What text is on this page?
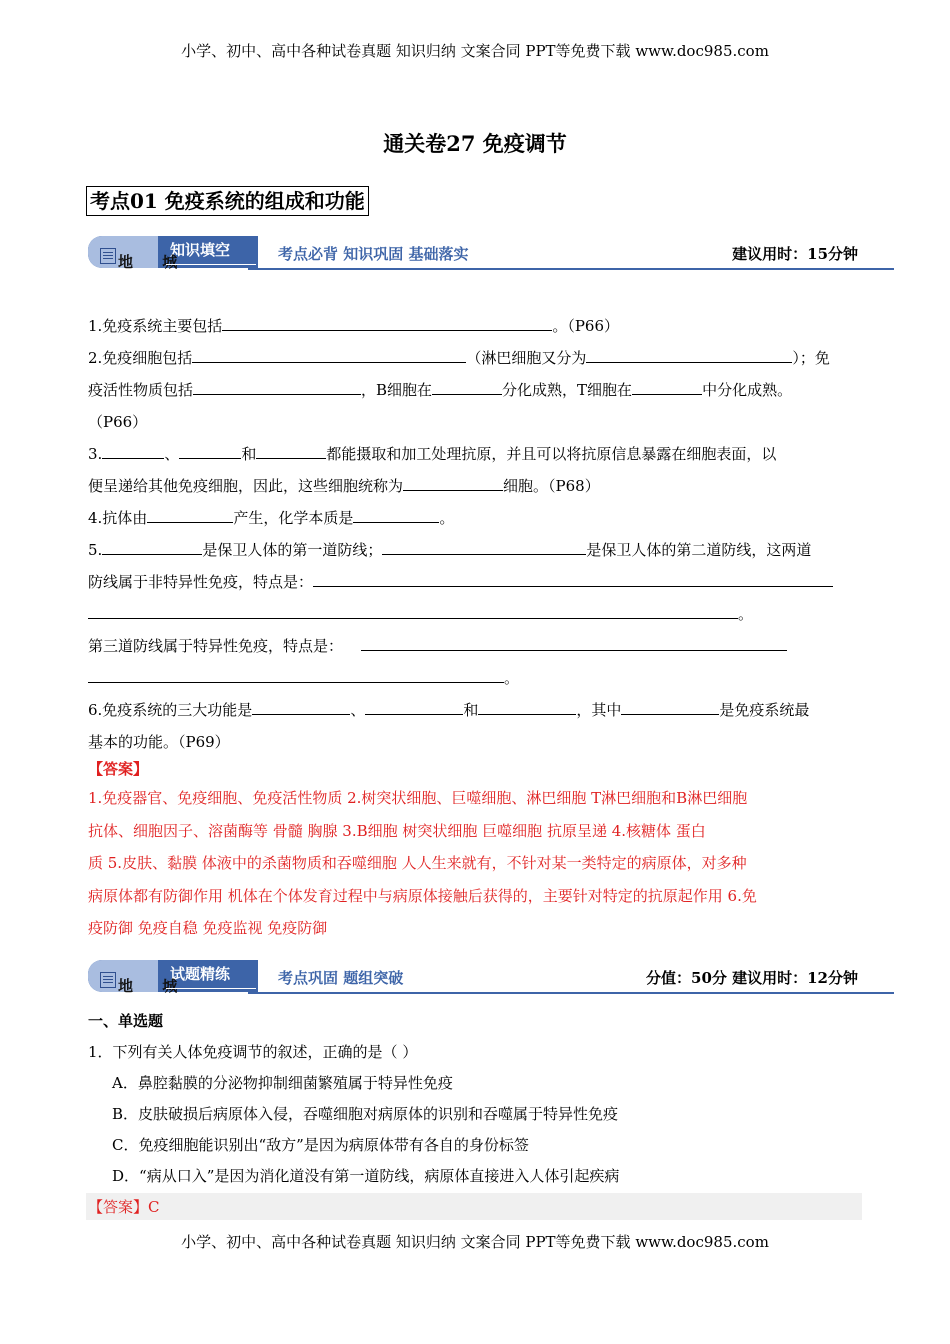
小学、初中、高中各种试卷真题 知识归纳 文案合同 PPT等免费下载 www.doc985.com
通关卷27 免疫调节
考点01 免疫系统的组成和功能
知识填空
地 城	考点必背 知识巩固 基础落实	建议用时：15分钟
1.免疫系统主要包括	。（P66）
2.免疫细胞包括	（淋巴细胞又分为	）；免
疫活性物质包括	，B细胞在	分化成熟，T细胞在	中分化成熟。
（P66）
3.	、	和	都能摄取和加工处理抗原，并且可以将抗原信息暴露在细胞表面，以
便呈递给其他免疫细胞，因此，这些细胞统称为	细胞。（P68）
4.抗体由	产生，化学本质是	。
5.	是保卫人体的第一道防线；	是保卫人体的第二道防线，这两道
防线属于非特异性免疫，特点是：
。
第三道防线属于特异性免疫，特点是：
。
6.免疫系统的三大功能是	、	和	，其中	是免疫系统最
基本的功能。（P69）
【答案】
1.免疫器官、免疫细胞、免疫活性物质 2.树突状细胞、巨噬细胞、淋巴细胞 T淋巴细胞和B淋巴细胞
抗体、细胞因子、溶菌酶等 骨髓 胸腺 3.B细胞 树突状细胞 巨噬细胞 抗原呈递 4.核糖体 蛋白
质 5.皮肤、黏膜 体液中的杀菌物质和吞噬细胞 人人生来就有，不针对某一类特定的病原体，对多种
病原体都有防御作用 机体在个体发育过程中与病原体接触后获得的，主要针对特定的抗原起作用 6.免
疫防御 免疫自稳 免疫监视 免疫防御
试题精练
地 城	考点巩固 题组突破	分值：50分 建议用时：12分钟
一、单选题
1．下列有关人体免疫调节的叙述，正确的是（ ）
A．鼻腔黏膜的分泌物抑制细菌繁殖属于特异性免疫
B．皮肤破损后病原体入侵，吞噬细胞对病原体的识别和吞噬属于特异性免疫
C．免疫细胞能识别出“敌方”是因为病原体带有各自的身份标签
D．“病从口入”是因为消化道没有第一道防线，病原体直接进入人体引起疾病
【答案】C
小学、初中、高中各种试卷真题 知识归纳 文案合同 PPT等免费下载 www.doc985.com
